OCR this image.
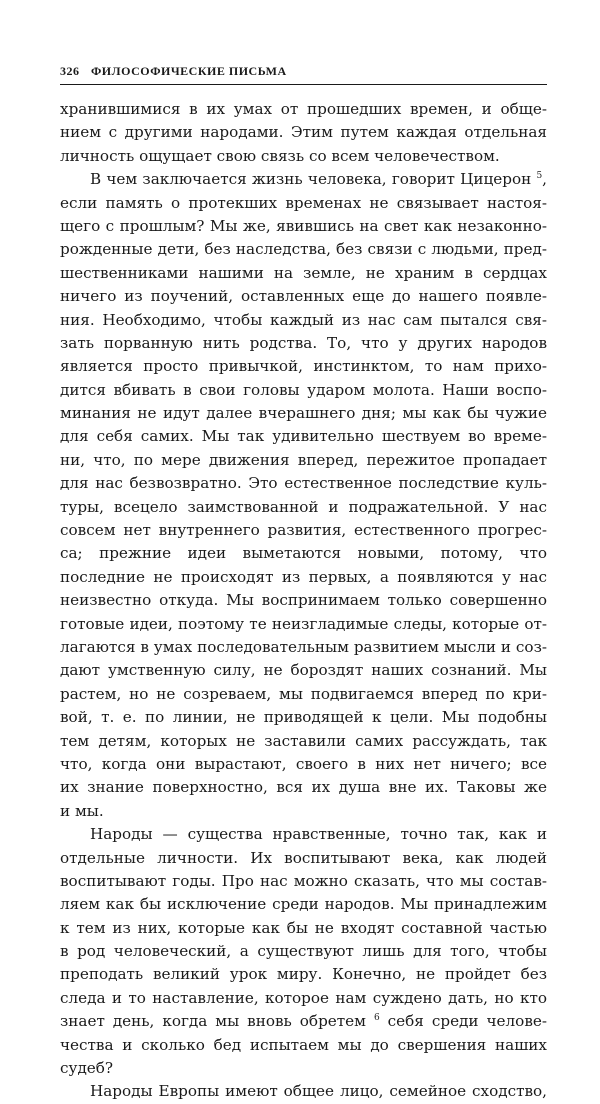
326 ФИЛОСОФИЧЕСКИЕ ПИСЬМА
хранившимися в их умах от прошедших времен, и обще-
нием с другими народами. Этим путем каждая отдельная
личность ощущает свою связь со всем человечеством.
В чем заключается жизнь человека, говорит Цицерон $^5$,
если память о протекших временах не связывает настоя-
щего с прошлым? Мы же, явившись на свет как незаконно-
рожденные дети, без наследства, без связи с людьми, пред-
шественниками нашими на земле, не храним в сердцах
ничего из поучений, оставленных еще до нашего появле-
ния. Необходимо, чтобы каждый из нас сам пытался свя-
зать порванную нить родства. То, что у других народов
является просто привычкой, инстинктом, то нам прихо-
дится вбивать в свои головы ударом молота. Наши воспо-
минания не идут далее вчерашнего дня; мы как бы чужие
для себя самих. Мы так удивительно шествуем во време-
ни, что, по мере движения вперед, пережитое пропадает
для нас безвозвратно. Это естественное последствие куль-
туры, всецело заимствованной и подражательной. У нас
совсем нет внутреннего развития, естественного прогрес-
са; прежние идеи выметаются новыми, потому, что
последние не происходят из первых, а появляются у нас
неизвестно откуда. Мы воспринимаем только совершенно
готовые идеи, поэтому те неизгладимые следы, которые от-
лагаются в умах последовательным развитием мысли и соз-
дают умственную силу, не бороздят наших сознаний. Мы
растем, но не созреваем, мы подвигаемся вперед по кри-
вой, т. е. по линии, не приводящей к цели. Мы подобны
тем детям, которых не заставили самих рассуждать, так
что, когда они вырастают, своего в них нет ничего; все
их знание поверхностно, вся их душа вне их. Таковы же
и мы.
Народы — существа нравственные, точно так, как и
отдельные личности. Их воспитывают века, как людей
воспитывают годы. Про нас можно сказать, что мы состав-
ляем как бы исключение среди народов. Мы принадлежим
к тем из них, которые как бы не входят составной частью
в род человеческий, а существуют лишь для того, чтобы
преподать великий урок миру. Конечно, не пройдет без
следа и то наставление, которое нам суждено дать, но кто
знает день, когда мы вновь обретем $^6$ себя среди челове-
чества и сколько бед испытаем мы до свершения наших
судеб?
Народы Европы имеют общее лицо, семейное сходство,
